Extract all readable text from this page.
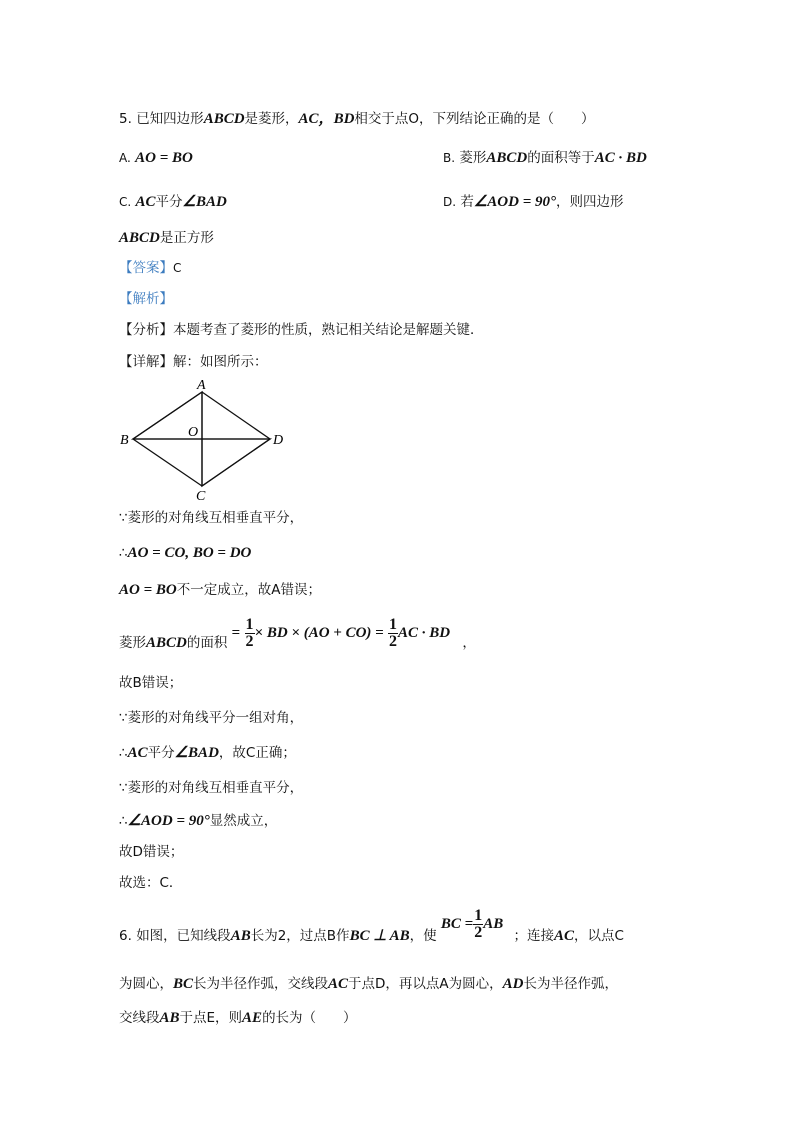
5. 已知四边形ABCD是菱形，AC，BD相交于点O，下列结论正确的是（　　）
A. AO = BO	B. 菱形ABCD的面积等于AC · BD
C. AC平分∠BAD	D. 若∠AOD = 90°，则四边形
ABCD是正方形
【答案】C
【解析】
【分析】本题考查了菱形的性质，熟记相关结论是解题关键．
【详解】解：如图所示：
A
B	D
C
O
∵菱形的对角线互相垂直平分，
∴AO = CO, BO = DO
AO = BO不一定成立，故A错误；
菱形ABCD的面积 = $\frac{1}{2}$ × BD × $(AO + CO) = \frac{1}{2}$ AC · BD ，
故B错误；
∵菱形的对角线平分一组对角，
∴AC平分∠BAD，故C正确；
∵菱形的对角线互相垂直平分，
∴∠AOD = 90°显然成立，
故D错误；
故选：C．
6. 如图，已知线段AB长为2，过点B作BC ⊥ AB，使 BC = $\frac{1}{2}$ AB ；连接AC，以点C
为圆心，BC长为半径作弧，交线段AC于点D，再以点A为圆心，AD长为半径作弧，
交线段AB于点E，则AE的长为（　　）
